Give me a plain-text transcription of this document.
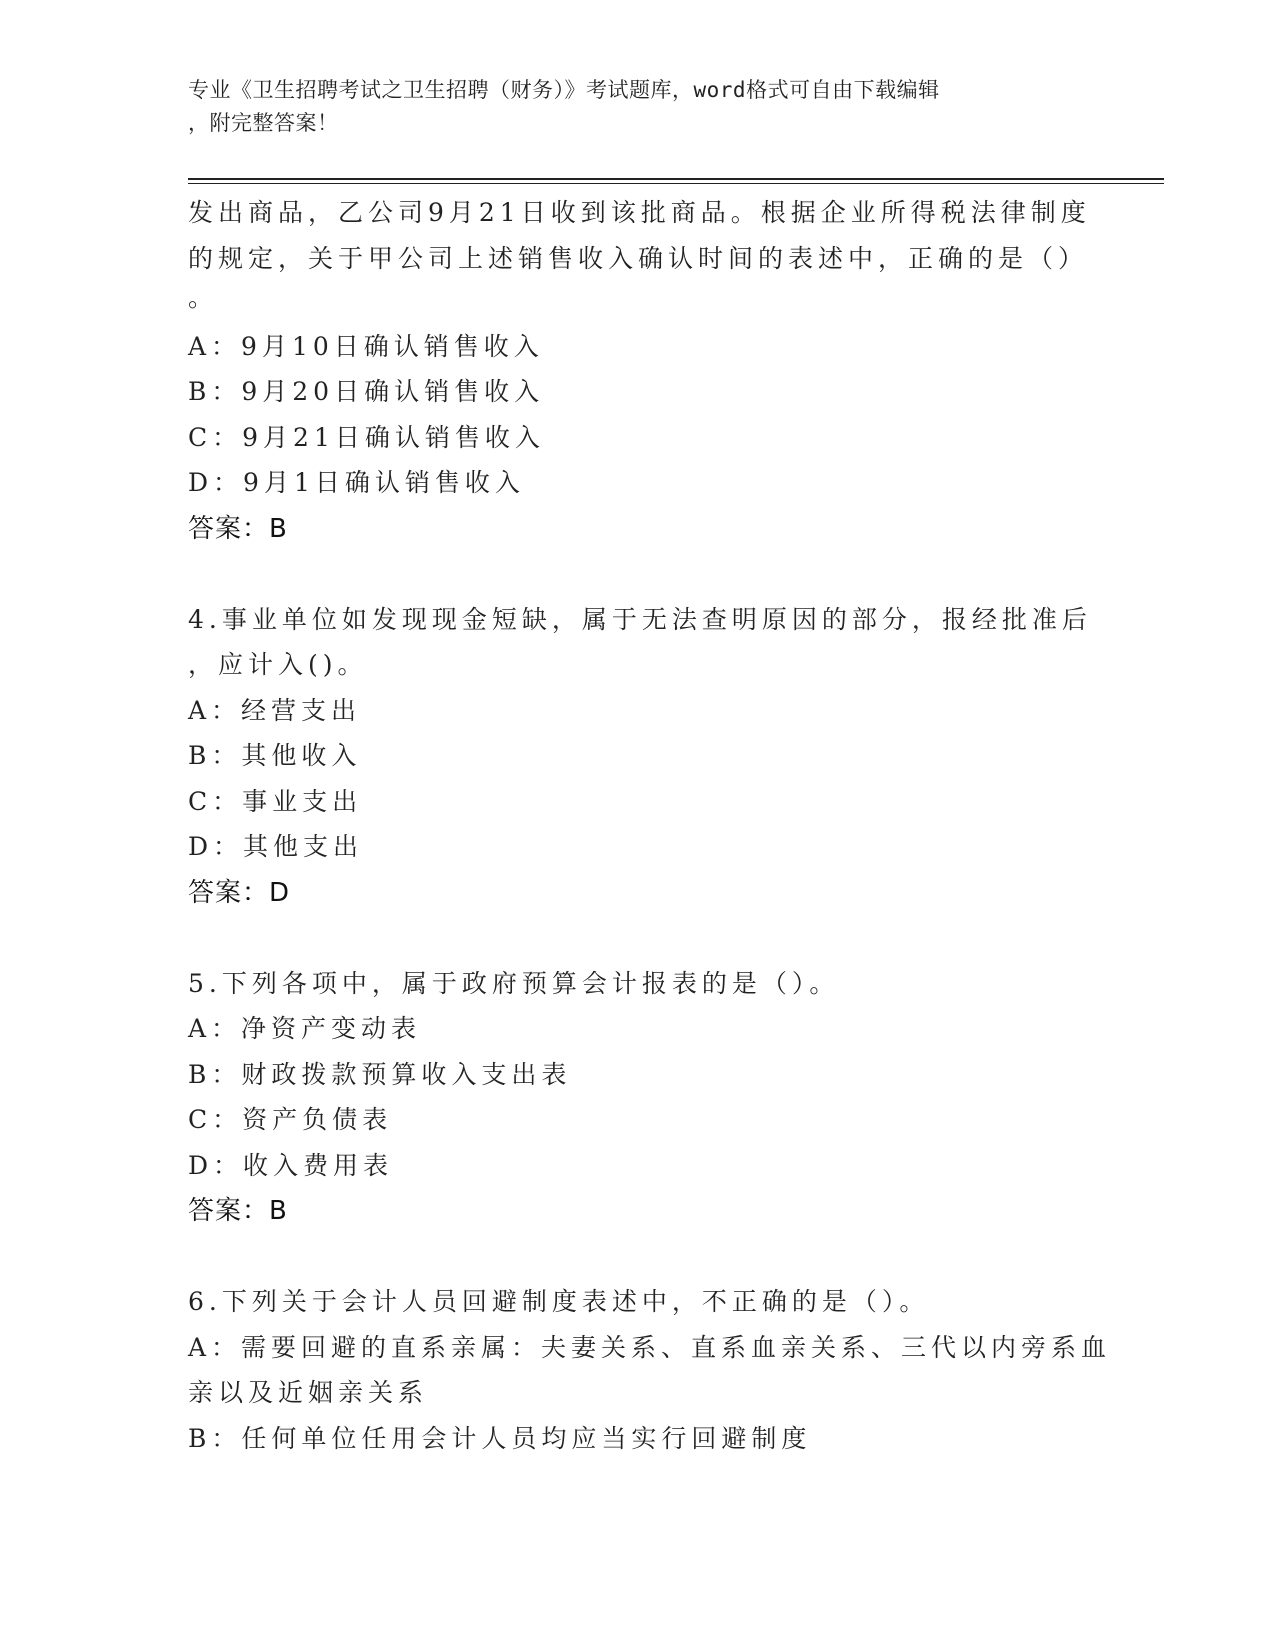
专业《卫生招聘考试之卫生招聘（财务）》考试题库，word格式可自由下载编辑
，附完整答案！
发出商品，乙公司9月21日收到该批商品。根据企业所得税法律制度
的规定，关于甲公司上述销售收入确认时间的表述中，正确的是（）
。
A：9月10日确认销售收入
B：9月20日确认销售收入
C：9月21日确认销售收入
D：9月1日确认销售收入
答案：B
4.事业单位如发现现金短缺，属于无法查明原因的部分，报经批准后
，应计入()。
A：经营支出
B：其他收入
C：事业支出
D：其他支出
答案：D
5.下列各项中，属于政府预算会计报表的是（）。
A：净资产变动表
B：财政拨款预算收入支出表
C：资产负债表
D：收入费用表
答案：B
6.下列关于会计人员回避制度表述中，不正确的是（）。
A：需要回避的直系亲属：夫妻关系、直系血亲关系、三代以内旁系血
亲以及近姻亲关系
B：任何单位任用会计人员均应当实行回避制度
